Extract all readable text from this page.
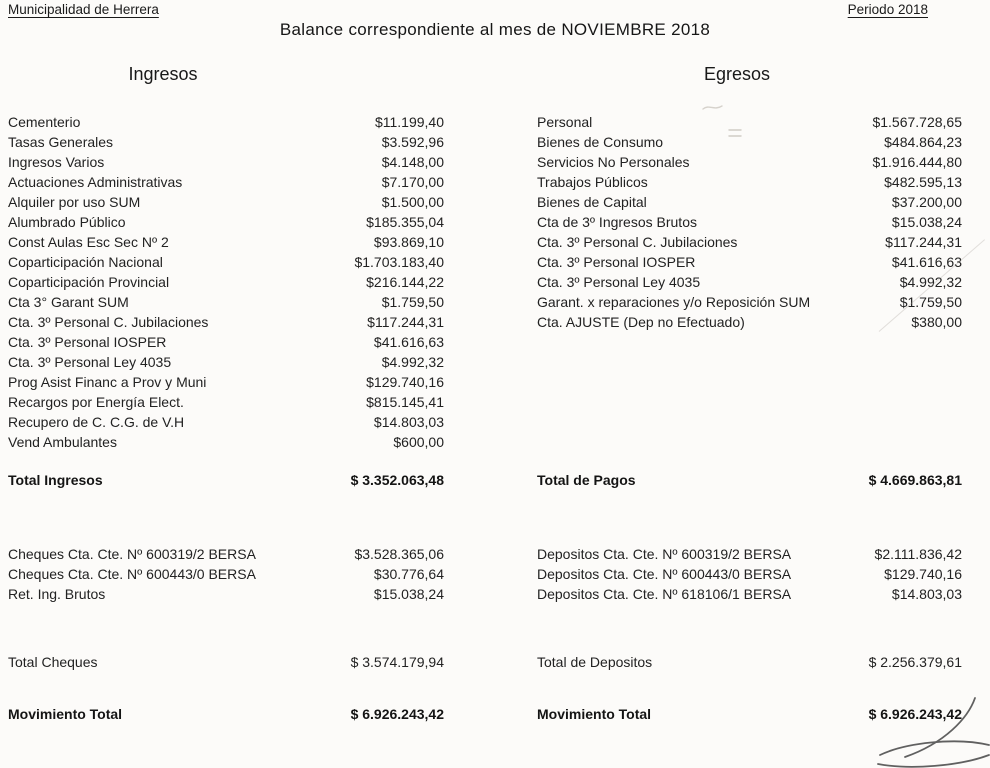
Municipalidad de Herrera	Periodo 2018
Balance correspondiente al mes de NOVIEMBRE 2018
Ingresos	Egresos
Cementerio	$11.199,40
Tasas Generales	$3.592,96
Ingresos Varios	$4.148,00
Actuaciones Administrativas	$7.170,00
Alquiler por uso SUM	$1.500,00
Alumbrado Público	$185.355,04
Const Aulas Esc Sec Nº 2	$93.869,10
Coparticipación Nacional	$1.703.183,40
Coparticipación Provincial	$216.144,22
Cta 3° Garant SUM	$1.759,50
Cta. 3º Personal C. Jubilaciones	$117.244,31
Cta. 3º Personal IOSPER	$41.616,63
Cta. 3º Personal Ley 4035	$4.992,32
Prog Asist Financ a Prov y Muni	$129.740,16
Recargos por Energía Elect.	$815.145,41
Recupero de C. C.G. de V.H	$14.803,03
Vend Ambulantes	$600,00
Total Ingresos	$ 3.352.063,48
Cheques Cta. Cte. Nº 600319/2 BERSA	$3.528.365,06
Cheques Cta. Cte. Nº 600443/0 BERSA	$30.776,64
Ret. Ing. Brutos	$15.038,24
Total Cheques	$ 3.574.179,94
Movimiento Total	$ 6.926.243,42
Personal	$1.567.728,65
Bienes de Consumo	$484.864,23
Servicios No Personales	$1.916.444,80
Trabajos Públicos	$482.595,13
Bienes de Capital	$37.200,00
Cta de 3º Ingresos Brutos	$15.038,24
Cta. 3º Personal C. Jubilaciones	$117.244,31
Cta. 3º Personal IOSPER	$41.616,63
Cta. 3º Personal Ley 4035	$4.992,32
Garant. x reparaciones y/o Reposición SUM	$1.759,50
Cta. AJUSTE (Dep no Efectuado)	$380,00
Total de Pagos	$ 4.669.863,81
Depositos Cta. Cte. Nº 600319/2 BERSA	$2.111.836,42
Depositos Cta. Cte. Nº 600443/0 BERSA	$129.740,16
Depositos Cta. Cte. Nº 618106/1 BERSA	$14.803,03
Total de Depositos	$ 2.256.379,61
Movimiento Total	$ 6.926.243,42
